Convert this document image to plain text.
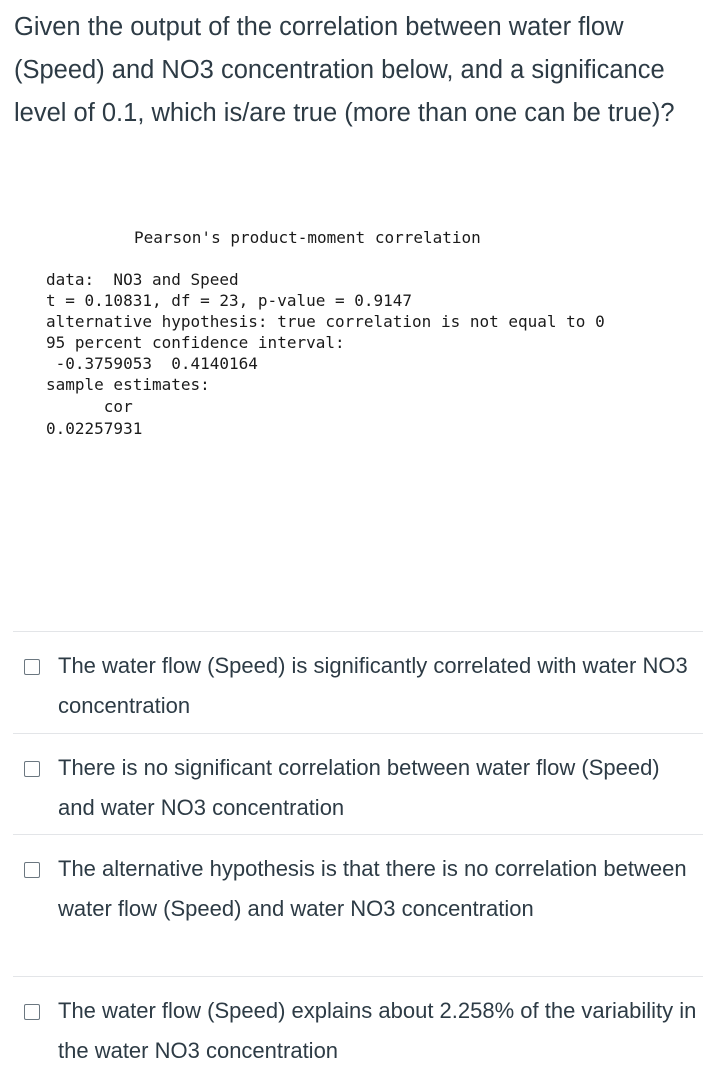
Given the output of the correlation between water flow (Speed) and NO3 concentration below, and a significance level of 0.1, which is/are true (more than one can be true)?

Pearson's product-moment correlation

data:  NO3 and Speed

t = 0.10831, df = 23, p-value = 0.9147

alternative hypothesis: true correlation is not equal to 0

95 percent confidence interval:

-0.3759053  0.4140164

sample estimates:

cor

0.02257931

The water flow (Speed) is significantly correlated with water NO3 concentration
There is no significant correlation between water flow (Speed) and water NO3 concentration
The alternative hypothesis is that there is no correlation between water flow (Speed) and water NO3 concentration
The water flow (Speed) explains about 2.258% of the variability in the water NO3 concentration
